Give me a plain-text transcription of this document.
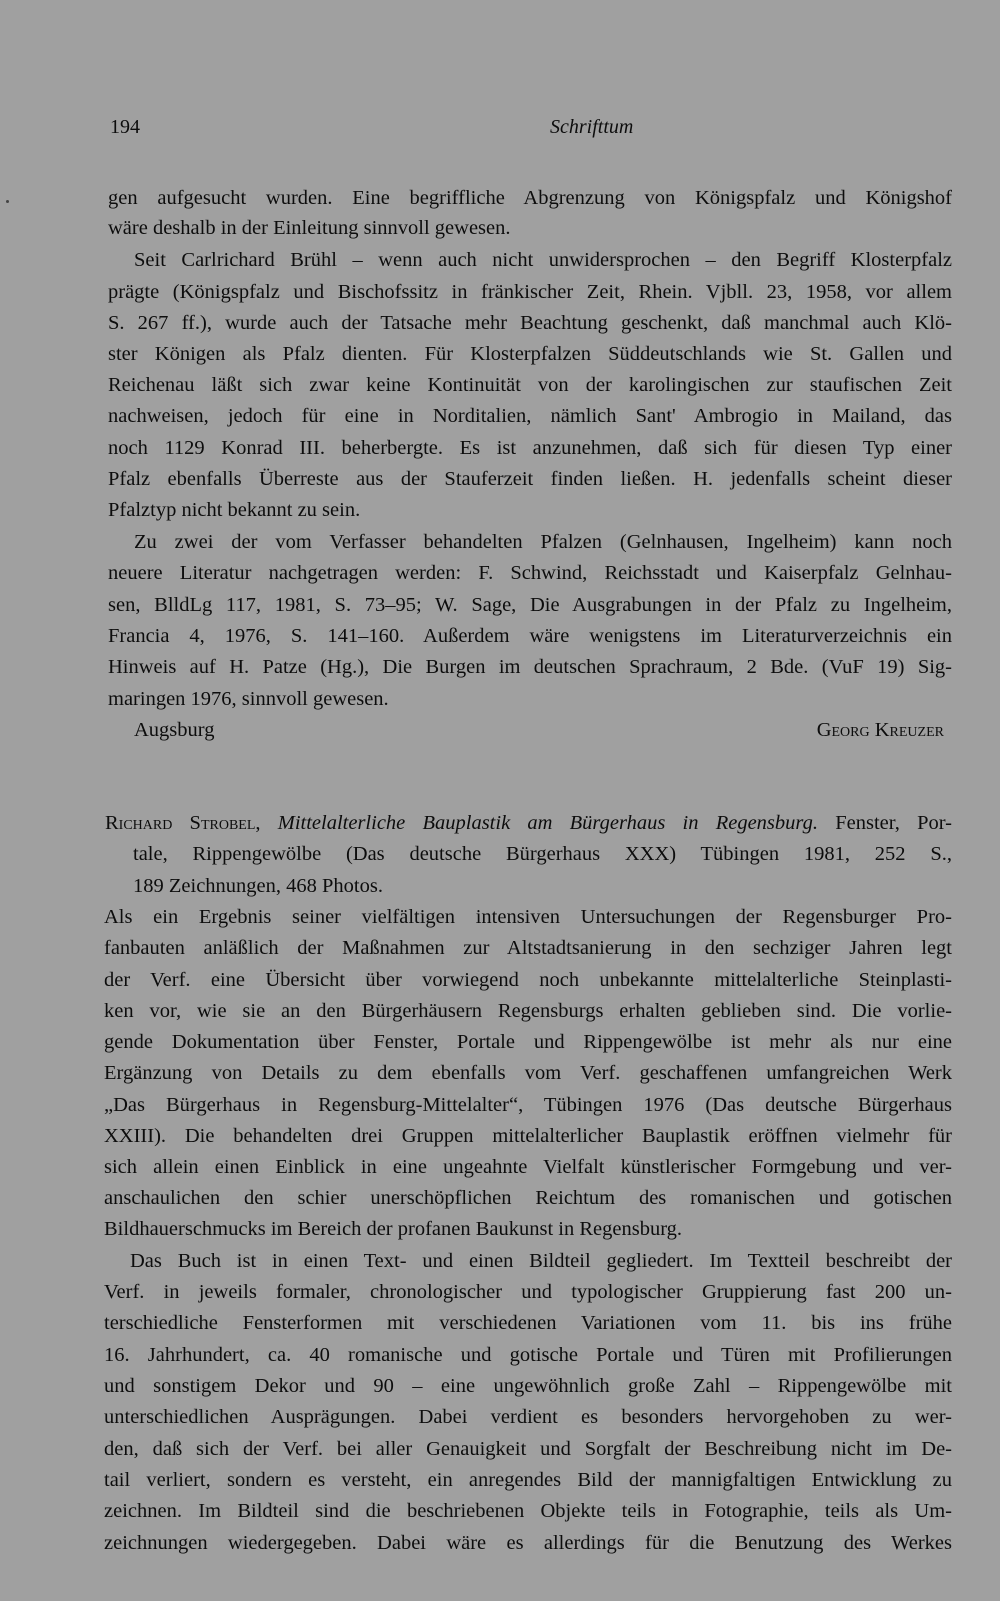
194	Schrifttum
gen aufgesucht wurden. Eine begriffliche Abgrenzung von Königspfalz und Königshof
wäre deshalb in der Einleitung sinnvoll gewesen.
Seit Carlrichard Brühl – wenn auch nicht unwidersprochen – den Begriff Klosterpfalz
prägte (Königspfalz und Bischofssitz in fränkischer Zeit, Rhein. Vjbll. 23, 1958, vor allem
S. 267 ff.), wurde auch der Tatsache mehr Beachtung geschenkt, daß manchmal auch Klö-
ster Königen als Pfalz dienten. Für Klosterpfalzen Süddeutschlands wie St. Gallen und
Reichenau läßt sich zwar keine Kontinuität von der karolingischen zur staufischen Zeit
nachweisen, jedoch für eine in Norditalien, nämlich Sant' Ambrogio in Mailand, das
noch 1129 Konrad III. beherbergte. Es ist anzunehmen, daß sich für diesen Typ einer
Pfalz ebenfalls Überreste aus der Stauferzeit finden ließen. H. jedenfalls scheint dieser
Pfalztyp nicht bekannt zu sein.
Zu zwei der vom Verfasser behandelten Pfalzen (Gelnhausen, Ingelheim) kann noch
neuere Literatur nachgetragen werden: F. Schwind, Reichsstadt und Kaiserpfalz Gelnhau-
sen, BlldLg 117, 1981, S. 73–95; W. Sage, Die Ausgrabungen in der Pfalz zu Ingelheim,
Francia 4, 1976, S. 141–160. Außerdem wäre wenigstens im Literaturverzeichnis ein
Hinweis auf H. Patze (Hg.), Die Burgen im deutschen Sprachraum, 2 Bde. (VuF 19) Sig-
maringen 1976, sinnvoll gewesen.
Augsburg	Georg Kreuzer
Richard Strobel, Mittelalterliche Bauplastik am Bürgerhaus in Regensburg. Fenster, Por-
tale, Rippengewölbe (Das deutsche Bürgerhaus XXX) Tübingen 1981, 252 S.,
189 Zeichnungen, 468 Photos.
Als ein Ergebnis seiner vielfältigen intensiven Untersuchungen der Regensburger Pro-
fanbauten anläßlich der Maßnahmen zur Altstadtsanierung in den sechziger Jahren legt
der Verf. eine Übersicht über vorwiegend noch unbekannte mittelalterliche Steinplasti-
ken vor, wie sie an den Bürgerhäusern Regensburgs erhalten geblieben sind. Die vorlie-
gende Dokumentation über Fenster, Portale und Rippengewölbe ist mehr als nur eine
Ergänzung von Details zu dem ebenfalls vom Verf. geschaffenen umfangreichen Werk
„Das Bürgerhaus in Regensburg-Mittelalter“, Tübingen 1976 (Das deutsche Bürgerhaus
XXIII). Die behandelten drei Gruppen mittelalterlicher Bauplastik eröffnen vielmehr für
sich allein einen Einblick in eine ungeahnte Vielfalt künstlerischer Formgebung und ver-
anschaulichen den schier unerschöpflichen Reichtum des romanischen und gotischen
Bildhauerschmucks im Bereich der profanen Baukunst in Regensburg.
Das Buch ist in einen Text- und einen Bildteil gegliedert. Im Textteil beschreibt der
Verf. in jeweils formaler, chronologischer und typologischer Gruppierung fast 200 un-
terschiedliche Fensterformen mit verschiedenen Variationen vom 11. bis ins frühe
16. Jahrhundert, ca. 40 romanische und gotische Portale und Türen mit Profilierungen
und sonstigem Dekor und 90 – eine ungewöhnlich große Zahl – Rippengewölbe mit
unterschiedlichen Ausprägungen. Dabei verdient es besonders hervorgehoben zu wer-
den, daß sich der Verf. bei aller Genauigkeit und Sorgfalt der Beschreibung nicht im De-
tail verliert, sondern es versteht, ein anregendes Bild der mannigfaltigen Entwicklung zu
zeichnen. Im Bildteil sind die beschriebenen Objekte teils in Fotographie, teils als Um-
zeichnungen wiedergegeben. Dabei wäre es allerdings für die Benutzung des Werkes
